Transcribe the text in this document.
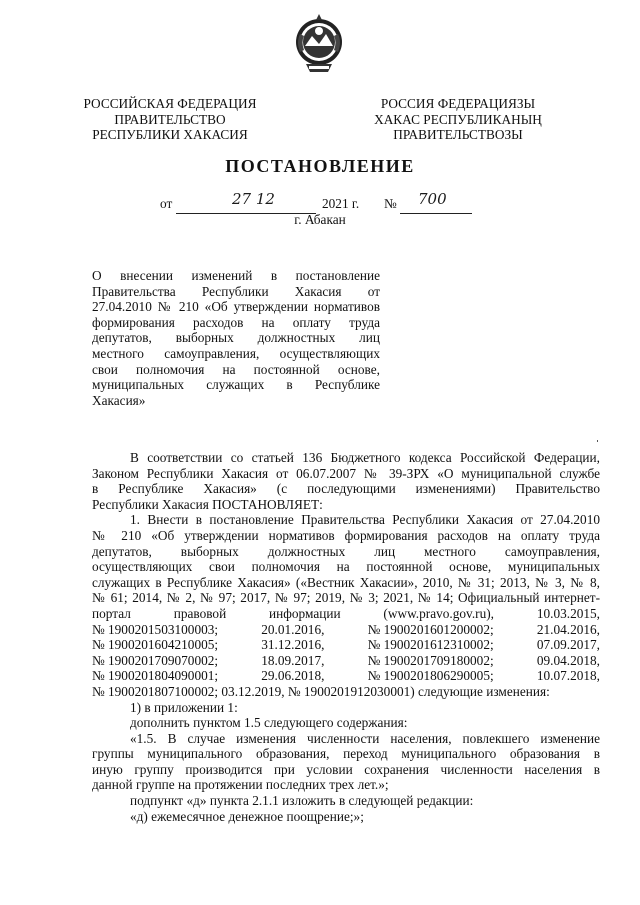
РОССИЙСКАЯ ФЕДЕРАЦИЯ
ПРАВИТЕЛЬСТВО
РЕСПУБЛИКИ ХАКАСИЯ
РОССИЯ ФЕДЕРАЦИЯЗЫ
ХАКАС РЕСПУБЛИКАНЫҢ
ПРАВИТЕЛЬСТВОЗЫ
ПОСТАНОВЛЕНИЕ
от	27 12	2021 г. № 700
г. Абакан
О внесении изменений в постановление
Правительства Республики Хакасия от
27.04.2010 № 210 «Об утверждении нормативов
формирования расходов на оплату труда
депутатов, выборных должностных лиц
местного самоуправления, осуществляющих
свои полномочия на постоянной основе,
муниципальных служащих в Республике
Хакасия»
В соответствии со статьей 136 Бюджетного кодекса Российской Федерации,
Законом Республики Хакасия от 06.07.2007 № 39-ЗРХ «О муниципальной службе
в Республике Хакасия» (с последующими изменениями) Правительство
Республики Хакасия ПОСТАНОВЛЯЕТ:
1. Внести в постановление Правительства Республики Хакасия от 27.04.2010
№ 210 «Об утверждении нормативов формирования расходов на оплату труда
депутатов, выборных должностных лиц местного самоуправления,
осуществляющих свои полномочия на постоянной основе, муниципальных
служащих в Республике Хакасия» («Вестник Хакасии», 2010, № 31; 2013, № 3, № 8,
№ 61; 2014, № 2, № 97; 2017, № 97; 2019, № 3; 2021, № 14; Официальный интернет-
портал правовой информации (www.pravo.gov.ru), 10.03.2015,
№ 1900201503100003;	20.01.2016,	№ 1900201601200002;	21.04.2016,
№ 1900201604210005;	31.12.2016,	№ 1900201612310002;	07.09.2017,
№ 1900201709070002;	18.09.2017,	№ 1900201709180002;	09.04.2018,
№ 1900201804090001;	29.06.2018,	№ 1900201806290005;	10.07.2018,
№ 1900201807100002; 03.12.2019, № 1900201912030001) следующие изменения:
1) в приложении 1:
дополнить пунктом 1.5 следующего содержания:
«1.5. В случае изменения численности населения, повлекшего изменение
группы муниципального образования, переход муниципального образования в
иную группу производится при условии сохранения численности населения в
данной группе на протяжении последних трех лет.»;
подпункт «д» пункта 2.1.1 изложить в следующей редакции:
«д) ежемесячное денежное поощрение;»;
